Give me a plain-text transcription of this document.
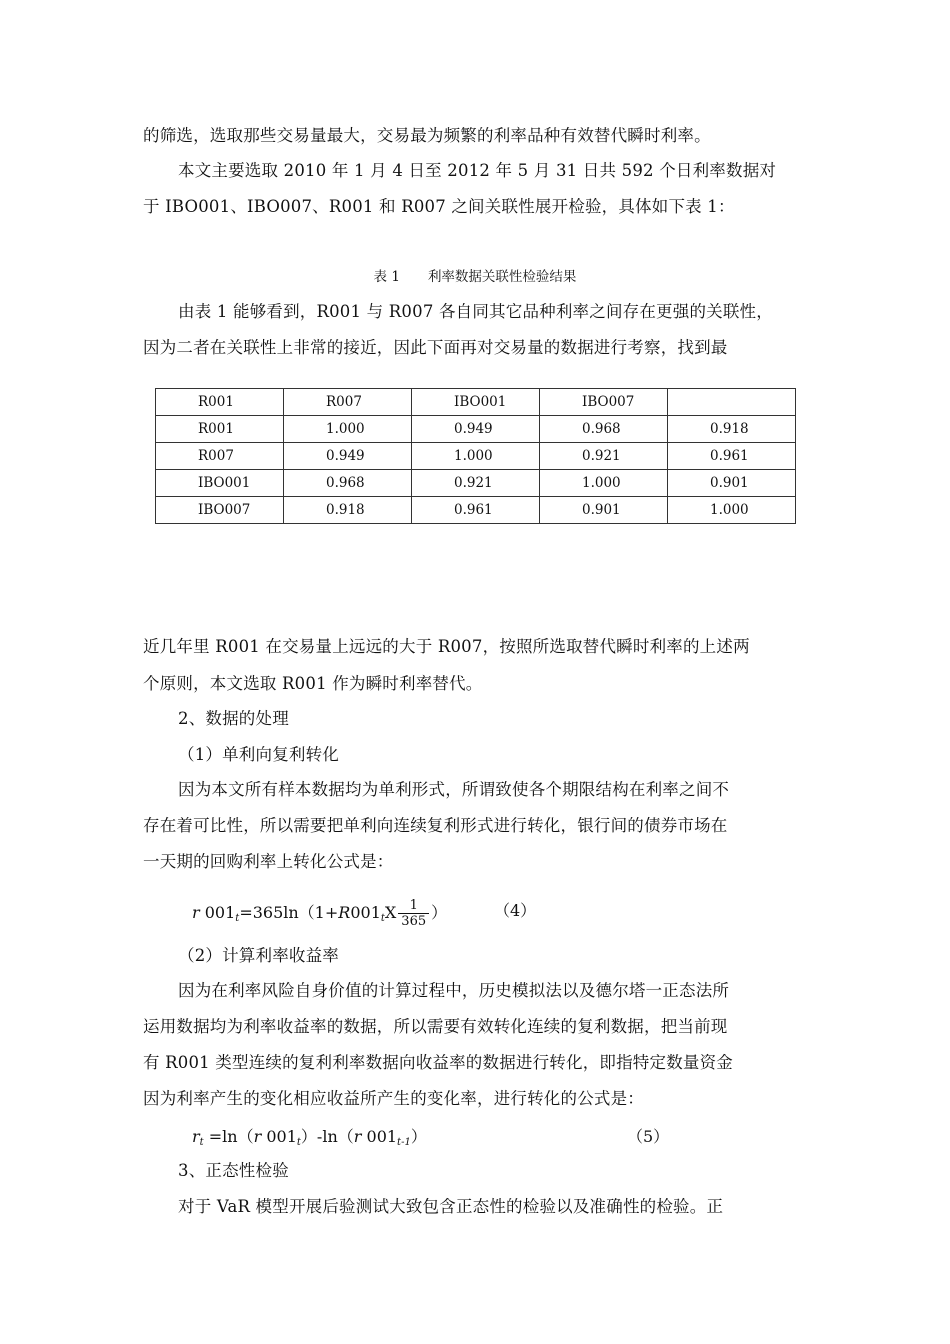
的筛选，选取那些交易量最大，交易最为频繁的利率品种有效替代瞬时利率。
本文主要选取 2010 年 1 月 4 日至 2012 年 5 月 31 日共 592 个日利率数据对
于 IBO001、IBO007、R001 和 R007 之间关联性展开检验，具体如下表 1：
表 1 利率数据关联性检验结果
由表 1 能够看到，R001 与 R007 各自同其它品种利率之间存在更强的关联性，
因为二者在关联性上非常的接近，因此下面再对交易量的数据进行考察，找到最
R001	R007	IBO001	IBO007	
R001	1.000	0.949	0.968	0.918
R007	0.949	1.000	0.921	0.961
IBO001	0.968	0.921	1.000	0.901
IBO007	0.918	0.961	0.901	1.000
近几年里 R001 在交易量上远远的大于 R007，按照所选取替代瞬时利率的上述两
个原则，本文选取 R001 作为瞬时利率替代。
2、数据的处理
（1）单利向复利转化
因为本文所有样本数据均为单利形式，所谓致使各个期限结构在利率之间不
存在着可比性，所以需要把单利向连续复利形式进行转化，银行间的债券市场在
一天期的回购利率上转化公式是：
r $001_t=365\ln(1+R001_tX \frac{1}{365}$ ）	（4）
（2）计算利率收益率
因为在利率风险自身价值的计算过程中，历史模拟法以及德尔塔一正态法所
运用数据均为利率收益率的数据，所以需要有效转化连续的复利数据，把当前现
有 R001 类型连续的复利利率数据向收益率的数据进行转化，即指特定数量资金
因为利率产生的变化相应收益所产生的变化率，进行转化的公式是：
$r_t =\ln(r$ $001_t)-\ln(r$ $001_{t-1}$）	（5）
3、正态性检验
对于 VaR 模型开展后验测试大致包含正态性的检验以及准确性的检验。正
